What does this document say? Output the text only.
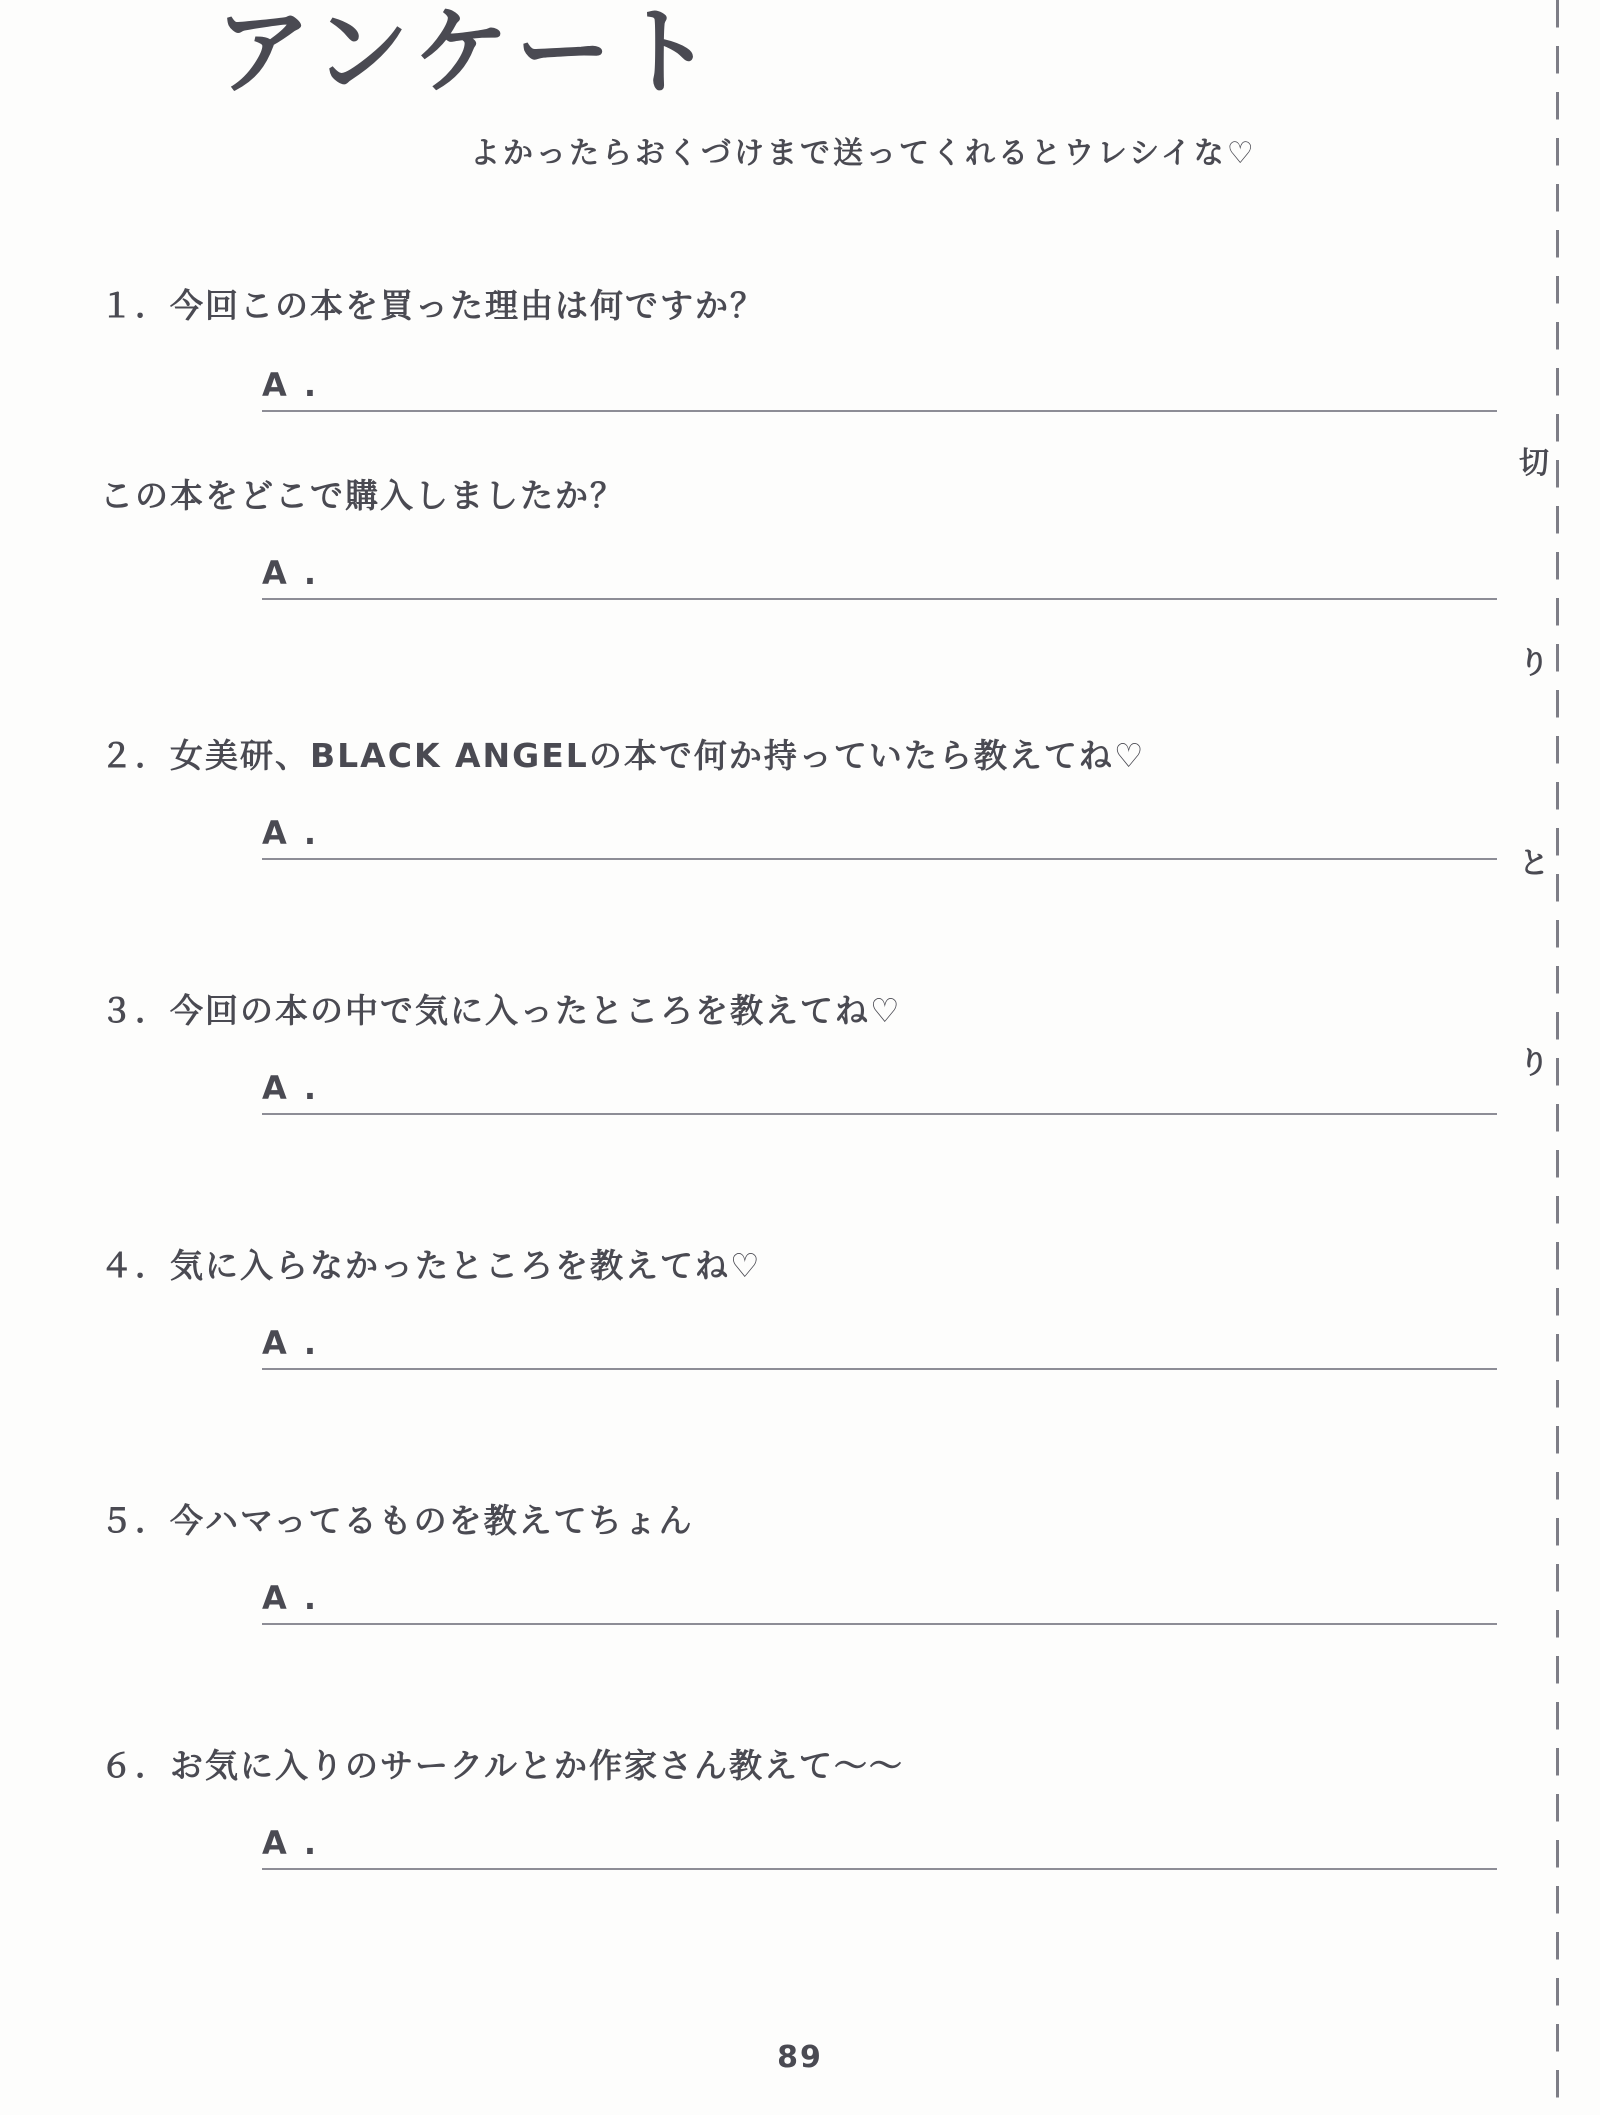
アンケート
よかったらおくづけまで送ってくれるとウレシイな♡
１．今回この本を買った理由は何ですか？
A .
この本をどこで購入しましたか？
A .
２．女美研、BLACK ANGELの本で何か持っていたら教えてね♡
A .
３．今回の本の中で気に入ったところを教えてね♡
A .
４．気に入らなかったところを教えてね♡
A .
５．今ハマってるものを教えてちょん
A .
６．お気に入りのサークルとか作家さん教えて〜〜
A .
切
り
と
り
89
